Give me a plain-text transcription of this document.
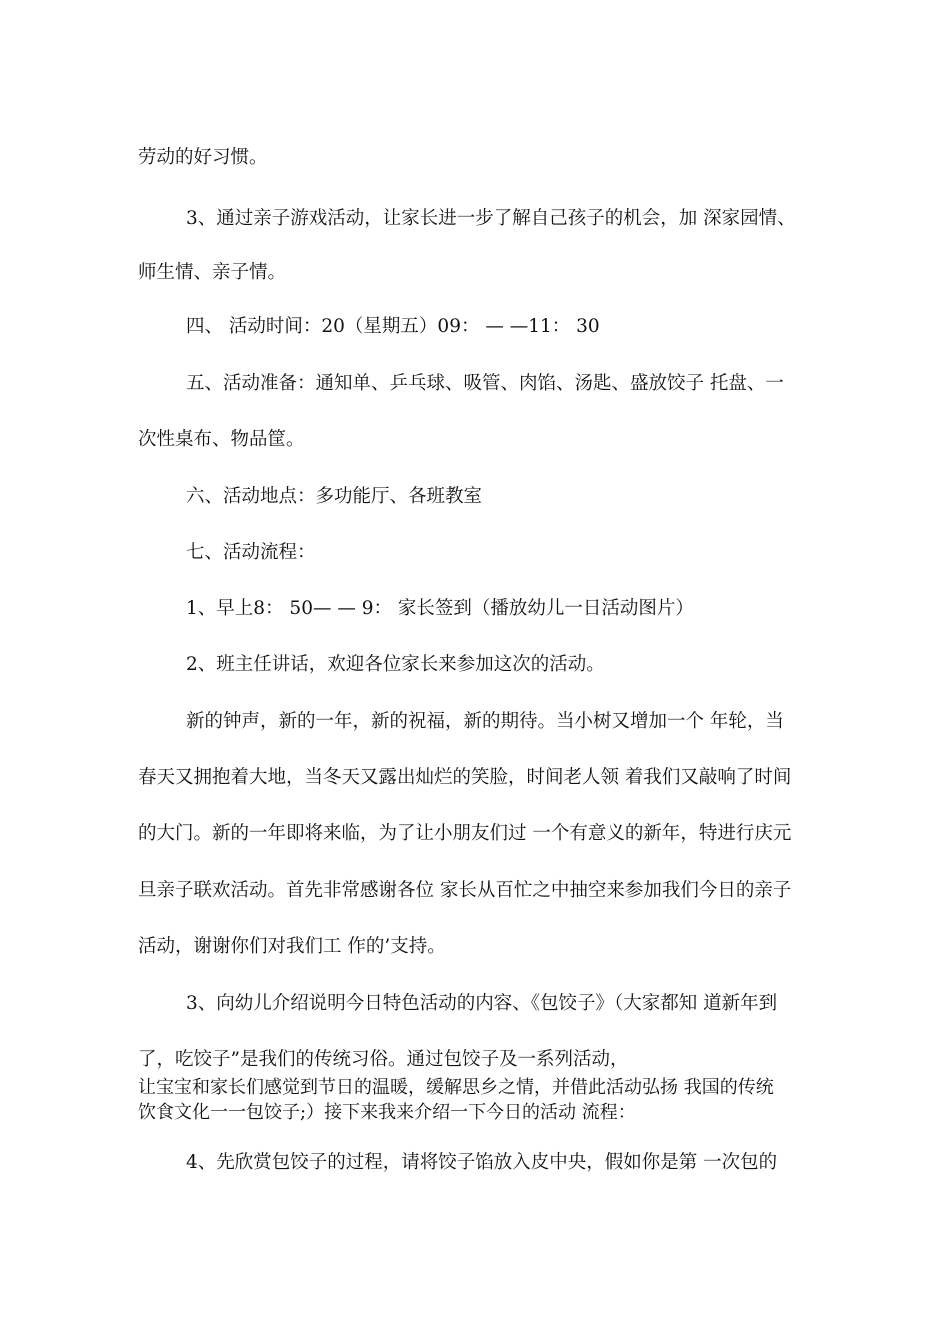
劳动的好习惯。

3、通过亲子游戏活动，让家长进一步了解自己孩子的机会，加 深家园情、

师生情、亲子情。

四、 活动时间：20（星期五）09： — —11： 30

五、活动准备：通知单、乒乓球、吸管、肉馅、汤匙、盛放饺子 托盘、一

次性桌布、物品筐。

六、活动地点：多功能厅、各班教室

七、活动流程：

1、早上8： 50— — 9： 家长签到（播放幼儿一日活动图片）

2、班主任讲话，欢迎各位家长来参加这次的活动。

新的钟声，新的一年，新的祝福，新的期待。当小树又增加一个 年轮，当

春天又拥抱着大地，当冬天又露出灿烂的笑脸，时间老人领 着我们又敲响了时间

的大门。新的一年即将来临，为了让小朋友们过 一个有意义的新年，特进行庆元

旦亲子联欢活动。首先非常感谢各位 家长从百忙之中抽空来参加我们今日的亲子

活动，谢谢你们对我们工 作的’支持。

3、向幼儿介绍说明今日特色活动的内容、《包饺子》（大家都知 道新年到

了，吃饺子”是我们的传统习俗。通过包饺子及一系列活动，

让宝宝和家长们感觉到节日的温暖，缓解思乡之情，并借此活动弘扬 我国的传统

饮食文化一一包饺子;）接下来我来介绍一下今日的活动 流程：

4、先欣赏包饺子的过程，请将饺子馅放入皮中央，假如你是第 一次包的
